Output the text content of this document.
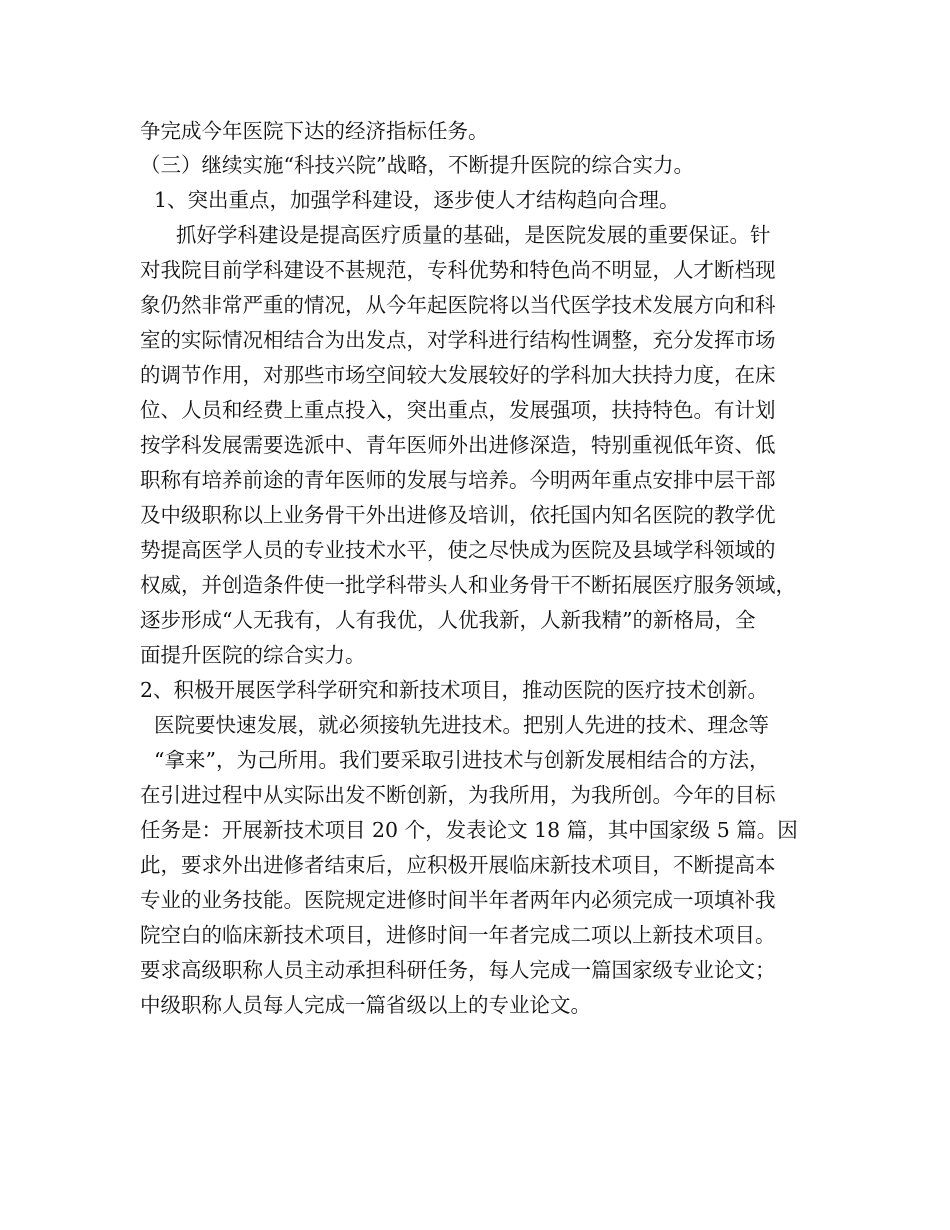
争完成今年医院下达的经济指标任务。
（三）继续实施“科技兴院”战略，不断提升医院的综合实力。
1、突出重点，加强学科建设，逐步使人才结构趋向合理。
抓好学科建设是提高医疗质量的基础，是医院发展的重要保证。针
对我院目前学科建设不甚规范，专科优势和特色尚不明显，人才断档现
象仍然非常严重的情况，从今年起医院将以当代医学技术发展方向和科
室的实际情况相结合为出发点，对学科进行结构性调整，充分发挥市场
的调节作用，对那些市场空间较大发展较好的学科加大扶持力度，在床
位、人员和经费上重点投入，突出重点，发展强项，扶持特色。有计划
按学科发展需要选派中、青年医师外出进修深造，特别重视低年资、低
职称有培养前途的青年医师的发展与培养。今明两年重点安排中层干部
及中级职称以上业务骨干外出进修及培训，依托国内知名医院的教学优
势提高医学人员的专业技术水平，使之尽快成为医院及县域学科领域的
权威，并创造条件使一批学科带头人和业务骨干不断拓展医疗服务领域，
逐步形成“人无我有，人有我优，人优我新，人新我精”的新格局，全
面提升医院的综合实力。
2、积极开展医学科学研究和新技术项目，推动医院的医疗技术创新。
医院要快速发展，就必须接轨先进技术。把别人先进的技术、理念等
“拿来”，为己所用。我们要采取引进技术与创新发展相结合的方法，
在引进过程中从实际出发不断创新，为我所用，为我所创。今年的目标
任务是：开展新技术项目 20 个，发表论文 18 篇，其中国家级 5 篇。因
此，要求外出进修者结束后，应积极开展临床新技术项目，不断提高本
专业的业务技能。医院规定进修时间半年者两年内必须完成一项填补我
院空白的临床新技术项目，进修时间一年者完成二项以上新技术项目。
要求高级职称人员主动承担科研任务，每人完成一篇国家级专业论文；
中级职称人员每人完成一篇省级以上的专业论文。
